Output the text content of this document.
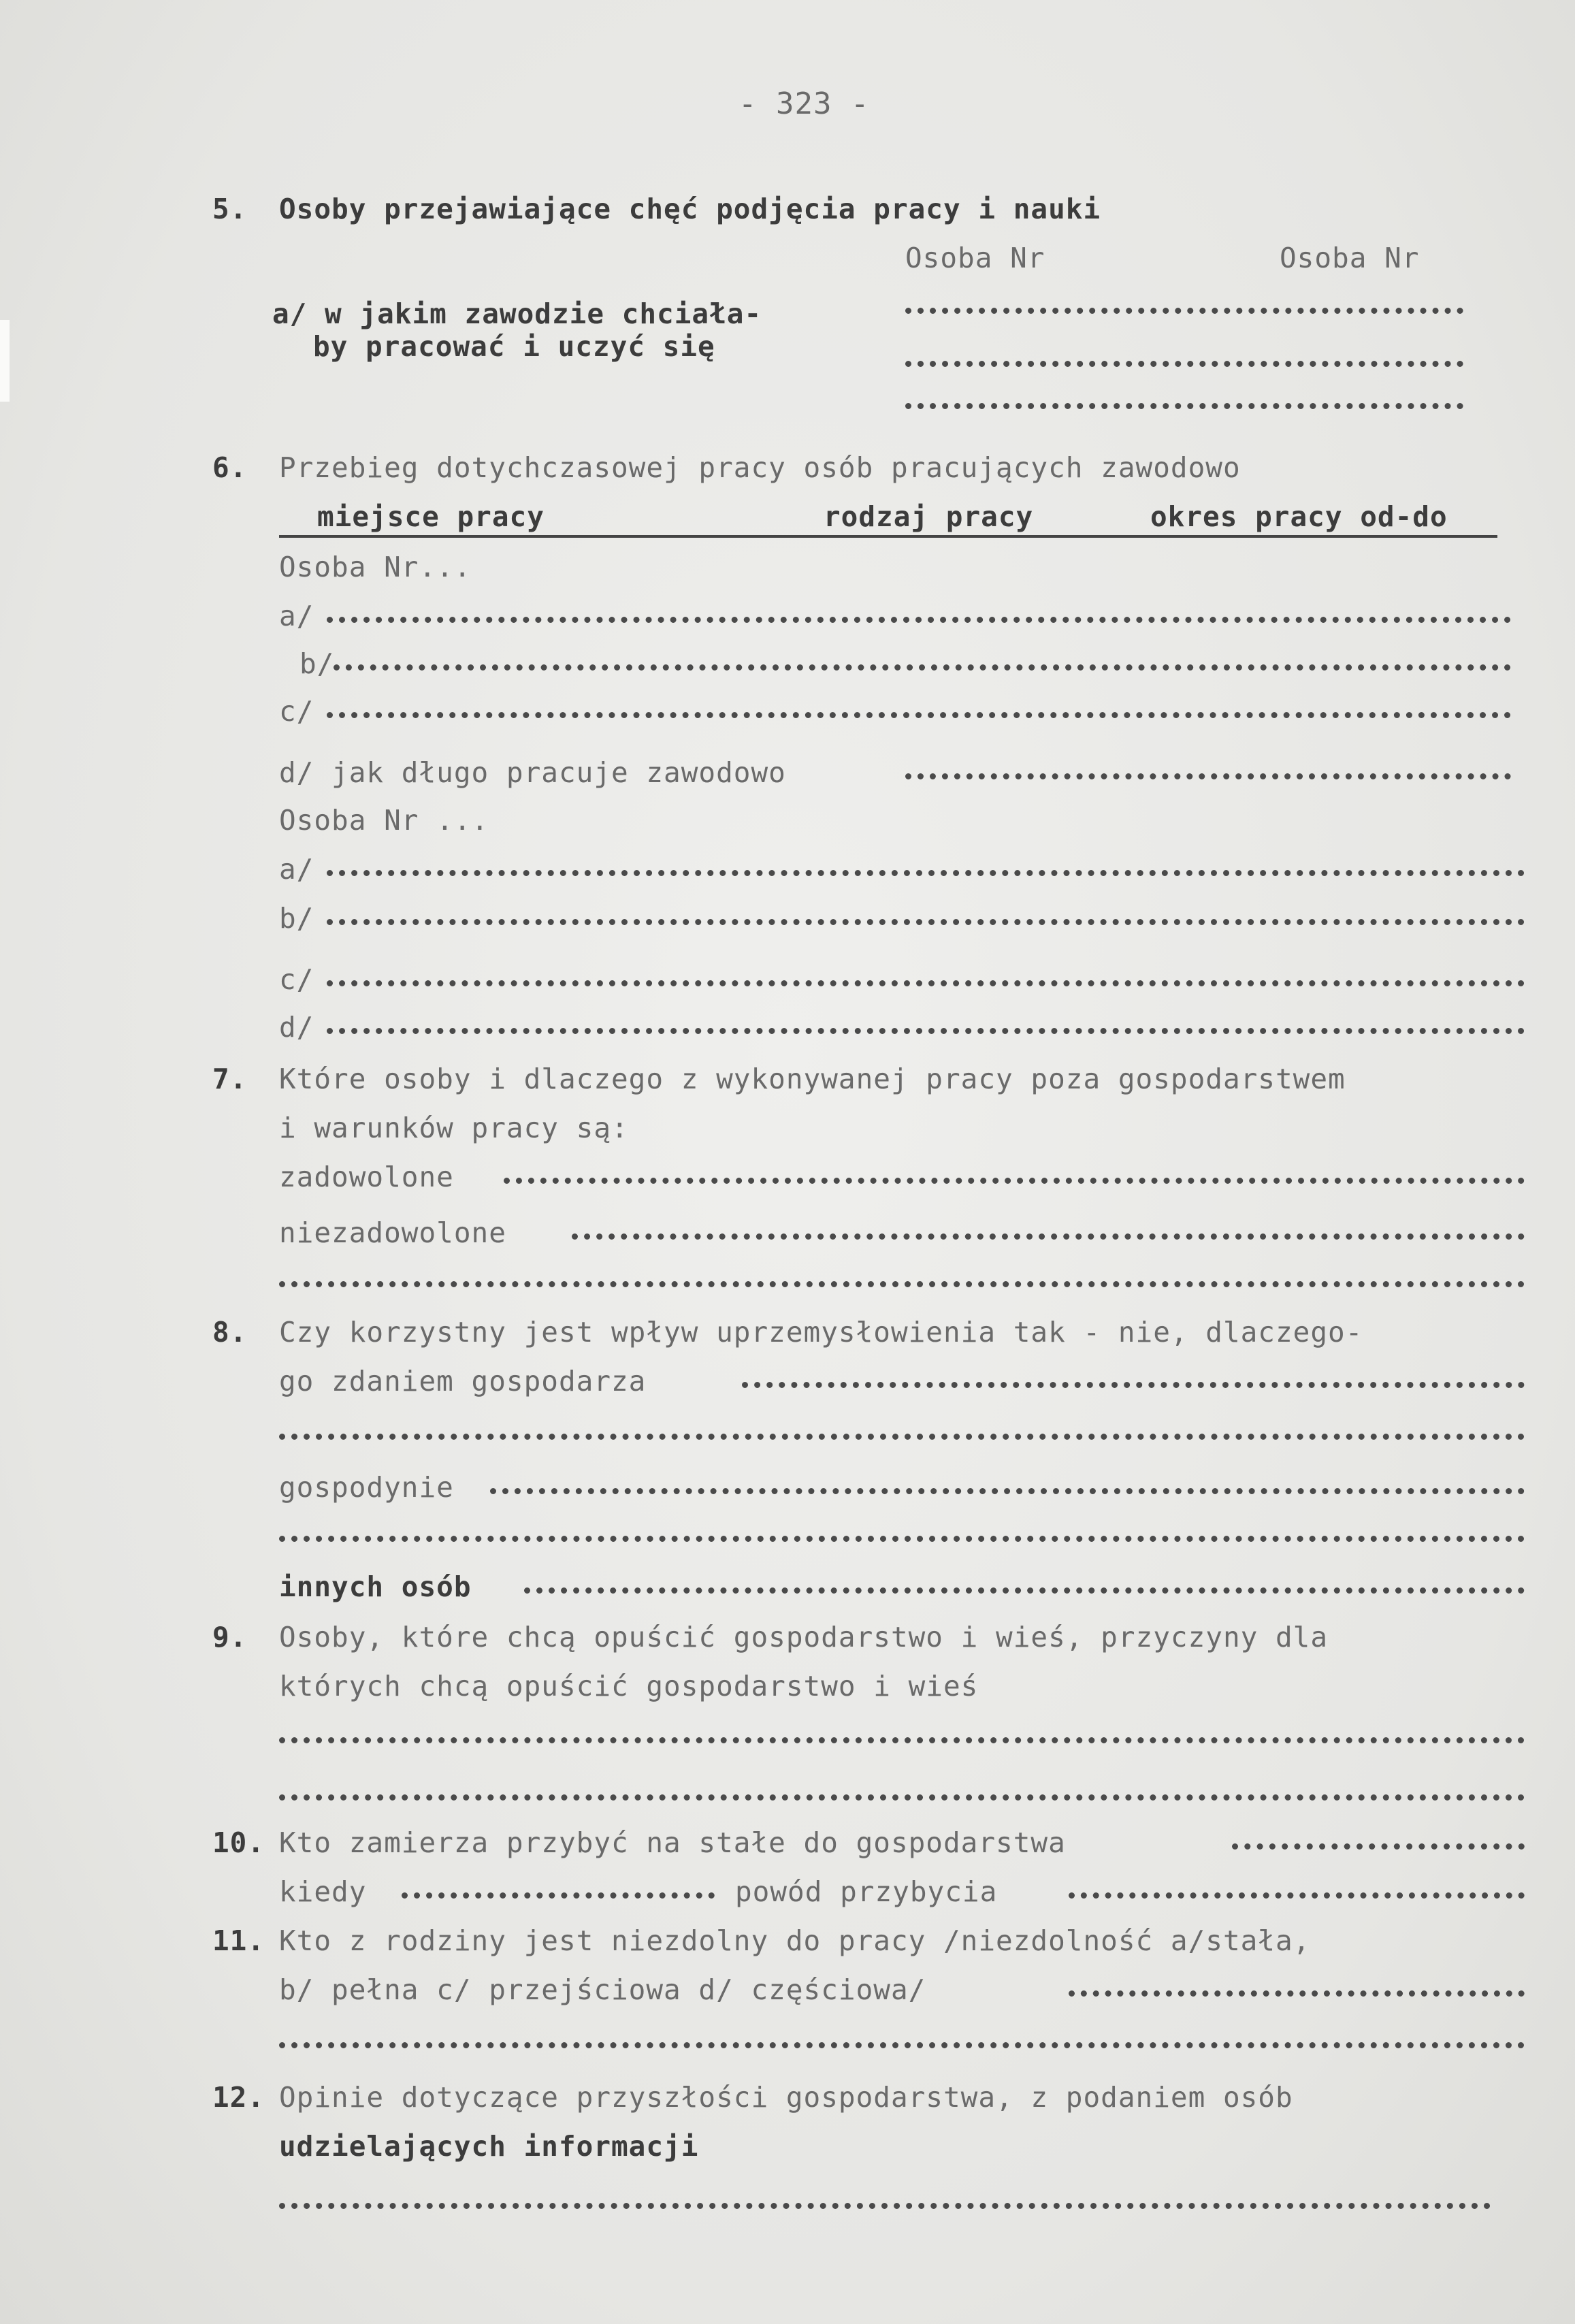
- 323 -
5. Osoby przejawiające chęć podjęcia pracy i nauki
Osoba Nr	Osoba Nr
a/ w jakim zawodzie chciała-
by pracować i uczyć się
6. Przebieg dotychczasowej pracy osób pracujących zawodowo
miejsce pracy	rodzaj pracy	okres pracy od-do
Osoba Nr...
a/
b/
c/
d/ jak długo pracuje zawodowo
Osoba Nr ...
a/
b/
c/
d/
7. Które osoby i dlaczego z wykonywanej pracy poza gospodarstwem
i warunków pracy są:
zadowolone
niezadowolone
8. Czy korzystny jest wpływ uprzemysłowienia tak - nie, dlaczego-
go zdaniem gospodarza
gospodynie
innych osób
9. Osoby, które chcą opuścić gospodarstwo i wieś, przyczyny dla
których chcą opuścić gospodarstwo i wieś
10. Kto zamierza przybyć na stałe do gospodarstwa
kiedy	powód przybycia
11. Kto z rodziny jest niezdolny do pracy /niezdolność a/stała,
b/ pełna c/ przejściowa d/ częściowa/
12. Opinie dotyczące przyszłości gospodarstwa, z podaniem osób
udzielających informacji
